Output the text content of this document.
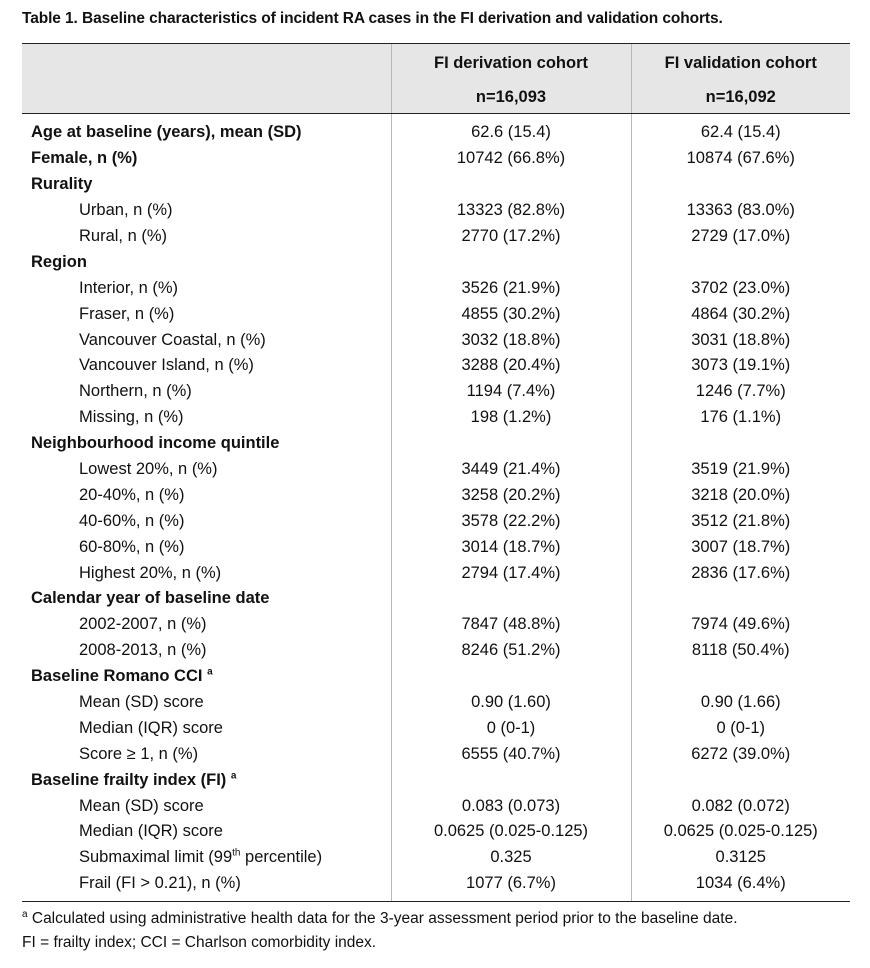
Table 1. Baseline characteristics of incident RA cases in the FI derivation and validation cohorts.
	FI derivation cohort	FI validation cohort
	n=16,093	n=16,092
Age at baseline (years), mean (SD)	62.6 (15.4)	62.4 (15.4)
Female, n (%)	10742 (66.8%)	10874 (67.6%)
Rurality		
Urban, n (%)	13323 (82.8%)	13363 (83.0%)
Rural, n (%)	2770 (17.2%)	2729 (17.0%)
Region		
Interior, n (%)	3526 (21.9%)	3702 (23.0%)
Fraser, n (%)	4855 (30.2%)	4864 (30.2%)
Vancouver Coastal, n (%)	3032 (18.8%)	3031 (18.8%)
Vancouver Island, n (%)	3288 (20.4%)	3073 (19.1%)
Northern, n (%)	1194 (7.4%)	1246 (7.7%)
Missing, n (%)	198 (1.2%)	176 (1.1%)
Neighbourhood income quintile		
Lowest 20%, n (%)	3449 (21.4%)	3519 (21.9%)
20-40%, n (%)	3258 (20.2%)	3218 (20.0%)
40-60%, n (%)	3578 (22.2%)	3512 (21.8%)
60-80%, n (%)	3014 (18.7%)	3007 (18.7%)
Highest 20%, n (%)	2794 (17.4%)	2836 (17.6%)
Calendar year of baseline date		
2002-2007, n (%)	7847 (48.8%)	7974 (49.6%)
2008-2013, n (%)	8246 (51.2%)	8118 (50.4%)
Baseline Romano CCI $^a$		
Mean (SD) score	0.90 (1.60)	0.90 (1.66)
Median (IQR) score	0 (0-1)	0 (0-1)
Score ≥ 1, n (%)	6555 (40.7%)	6272 (39.0%)
Baseline frailty index (FI) $^a$		
Mean (SD) score	0.083 (0.073)	0.082 (0.072)
Median (IQR) score	0.0625 (0.025-0.125)	0.0625 (0.025-0.125)
Submaximal limit (99th percentile)	0.325	0.3125
Frail (FI > 0.21), n (%)	1077 (6.7%)	1034 (6.4%)
$^a$ Calculated using administrative health data for the 3-year assessment period prior to the baseline date.
FI = frailty index; CCI = Charlson comorbidity index.
